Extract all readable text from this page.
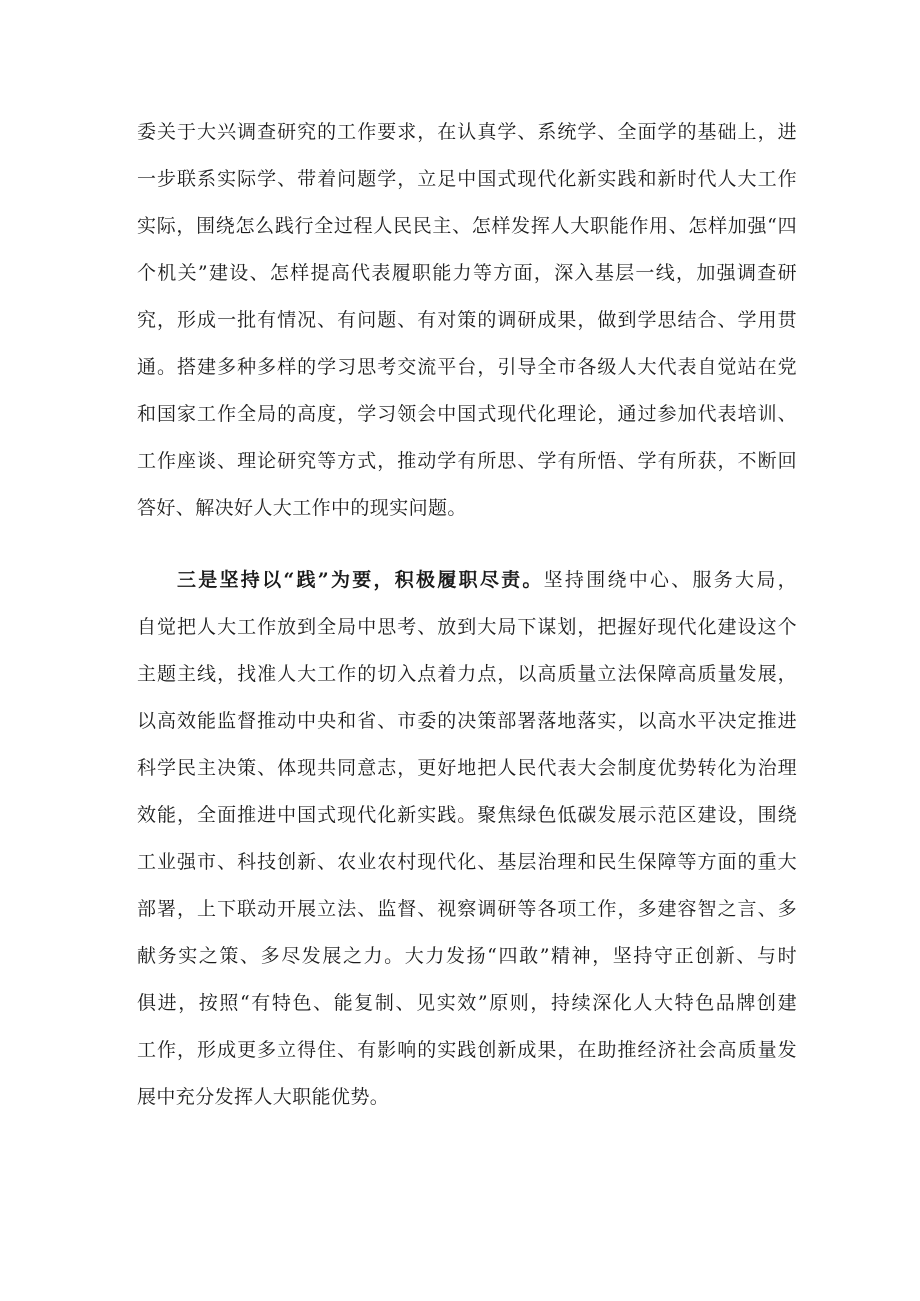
委关于大兴调查研究的工作要求，在认真学、系统学、全面学的基础上，进
一步联系实际学、带着问题学，立足中国式现代化新实践和新时代人大工作
实际，围绕怎么践行全过程人民民主、怎样发挥人大职能作用、怎样加强“四
个机关”建设、怎样提高代表履职能力等方面，深入基层一线，加强调查研
究，形成一批有情况、有问题、有对策的调研成果，做到学思结合、学用贯
通。搭建多种多样的学习思考交流平台，引导全市各级人大代表自觉站在党
和国家工作全局的高度，学习领会中国式现代化理论，通过参加代表培训、
工作座谈、理论研究等方式，推动学有所思、学有所悟、学有所获，不断回
答好、解决好人大工作中的现实问题。
三是坚持以“践”为要，积极履职尽责。坚持围绕中心、服务大局，
自觉把人大工作放到全局中思考、放到大局下谋划，把握好现代化建设这个
主题主线，找准人大工作的切入点着力点，以高质量立法保障高质量发展，
以高效能监督推动中央和省、市委的决策部署落地落实，以高水平决定推进
科学民主决策、体现共同意志，更好地把人民代表大会制度优势转化为治理
效能，全面推进中国式现代化新实践。聚焦绿色低碳发展示范区建设，围绕
工业强市、科技创新、农业农村现代化、基层治理和民生保障等方面的重大
部署，上下联动开展立法、监督、视察调研等各项工作，多建容智之言、多
献务实之策、多尽发展之力。大力发扬“四敢”精神，坚持守正创新、与时
俱进，按照“有特色、能复制、见实效”原则，持续深化人大特色品牌创建
工作，形成更多立得住、有影响的实践创新成果，在助推经济社会高质量发
展中充分发挥人大职能优势。
